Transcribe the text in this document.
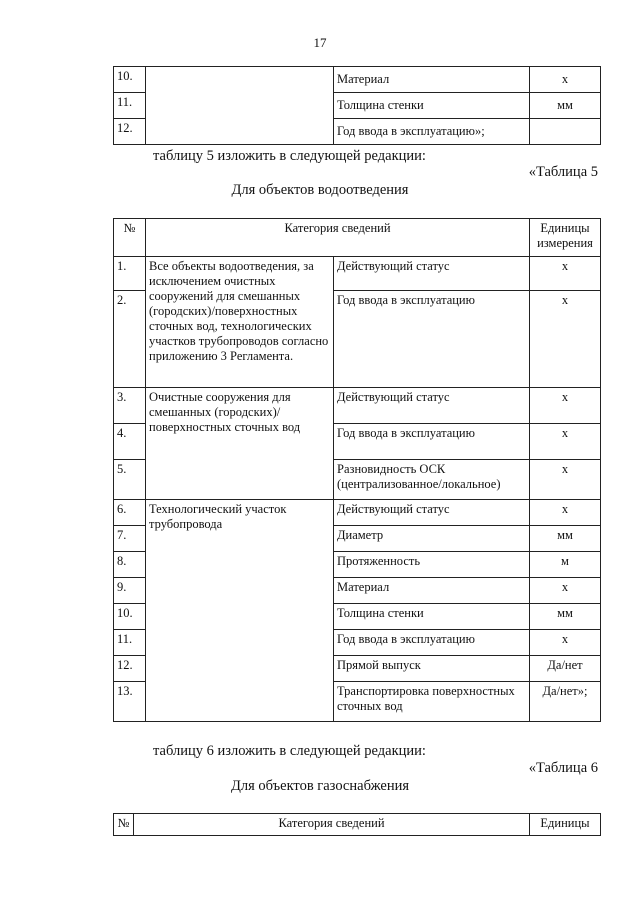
17
10.		Материал	х
11.		Толщина стенки	мм
12.		Год ввода в эксплуатацию»;	
таблицу 5 изложить в следующей редакции:
«Таблица 5
Для объектов водоотведения
№	Категория сведений		Единицы измерения
1.	Все объекты водоотведения, за исключением очистных сооружений для смешанных (городских)/поверхностных сточных вод, технологических участков трубопроводов согласно приложению 3 Регламента.	Действующий статус	х
2.		Год ввода в эксплуатацию	х
3.	Очистные сооружения для смешанных (городских)/поверхностных сточных вод	Действующий статус	х
4.		Год ввода в эксплуатацию	х
5.		Разновидность ОСК (централизованное/локальное)	х
6.	Технологический участок трубопровода	Действующий статус	х
7.		Диаметр	мм
8.		Протяженность	м
9.		Материал	х
10.		Толщина стенки	мм
11.		Год ввода в эксплуатацию	х
12.		Прямой выпуск	Да/нет
13.		Транспортировка поверхностных сточных вод	Да/нет»;
таблицу 6 изложить в следующей редакции:
«Таблица 6
Для объектов газоснабжения
№	Категория сведений	Единицы
